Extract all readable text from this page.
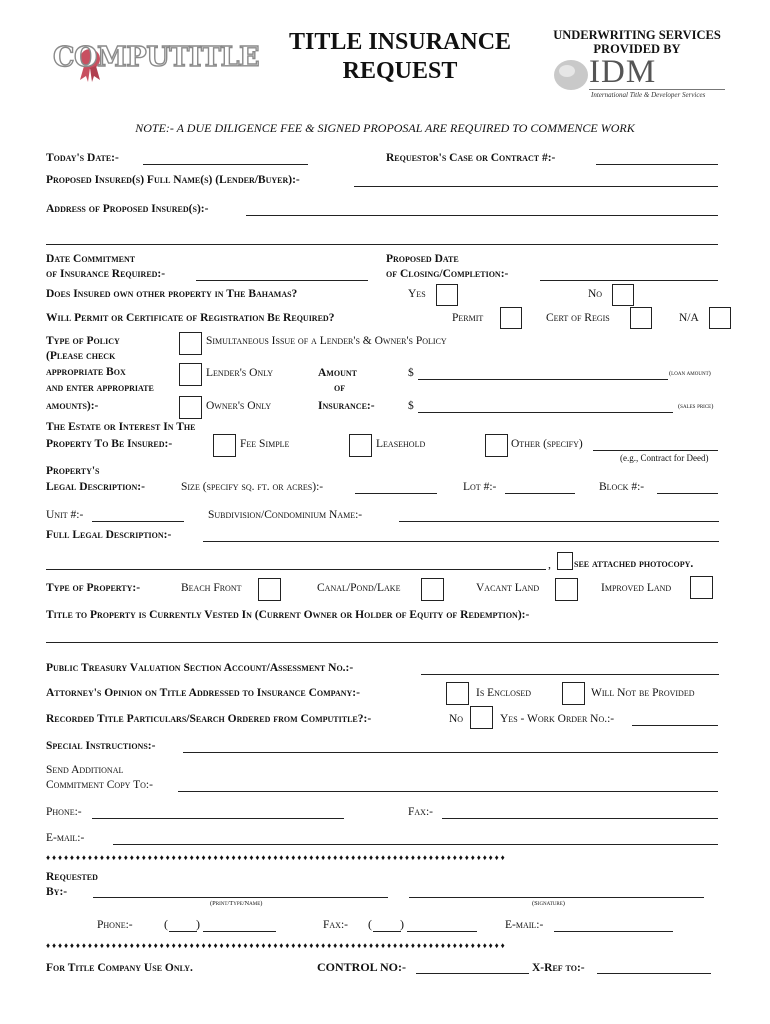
COMPUTITLE	TITLE INSURANCE
REQUEST
UNDERWRITING SERVICES
PROVIDED BY
IDM
International Title & Developer Services
NOTE:- A DUE DILIGENCE FEE & SIGNED PROPOSAL ARE REQUIRED TO COMMENCE WORK
Today's Date:-	Requestor's Case or Contract #:-
Proposed Insured(s) Full Name(s) (Lender/Buyer):-
Address of Proposed Insured(s):-
Date Commitment
of Insurance Required:-
Proposed Date
of Closing/Completion:-
Does Insured own other property in The Bahamas?	Yes	No
Will Permit or Certificate of Registration Be Required?	Permit	Cert of Regis	N/A
Type of Policy
(Please check
appropriate Box
and enter appropriate
amounts):-
Simultaneous Issue of a Lender's & Owner's Policy
Lender's Only
Owner's Only
Amount
of
Insurance:-
$	(loan amount)
$	(sales price)
The Estate or Interest In The
Property To Be Insured:-	Fee Simple	Leasehold	Other (specify)
(e.g., Contract for Deed)
Property's
Legal Description:-	Size (specify sq. ft. or acres):-	Lot #:-	Block #:-
Unit #:-	Subdivision/Condominium Name:-
Full Legal Description:-
, see attached photocopy.
Type of Property:-	Beach Front	Canal/Pond/Lake	Vacant Land	Improved Land
Title to Property is Currently Vested In (Current Owner or Holder of Equity of Redemption):-
Public Treasury Valuation Section Account/Assessment No.:-
Attorney's Opinion on Title Addressed to Insurance Company:-	Is Enclosed	Will Not be Provided
Recorded Title Particulars/Search Ordered from Computitle?:-	No	Yes - Work Order No.:-
Special Instructions:-
Send Additional
Commitment Copy To:-
Phone:-	Fax:-
E-mail:-
♦♦♦♦♦♦♦♦♦♦♦♦♦♦♦♦♦♦♦♦♦♦♦♦♦♦♦♦♦♦♦♦♦♦♦♦♦♦♦♦♦♦♦♦♦♦♦♦♦♦♦♦♦♦♦♦♦♦♦♦♦♦♦♦♦♦♦♦♦♦♦♦♦♦♦♦♦
Requested
By:-
(Print/Type/Name)	(Signature)
Phone:-	( )	Fax:- ( )	E-mail:-
♦♦♦♦♦♦♦♦♦♦♦♦♦♦♦♦♦♦♦♦♦♦♦♦♦♦♦♦♦♦♦♦♦♦♦♦♦♦♦♦♦♦♦♦♦♦♦♦♦♦♦♦♦♦♦♦♦♦♦♦♦♦♦♦♦♦♦♦♦♦♦♦♦♦♦♦♦
For Title Company Use Only.	CONTROL NO:-	X-Ref to:-
